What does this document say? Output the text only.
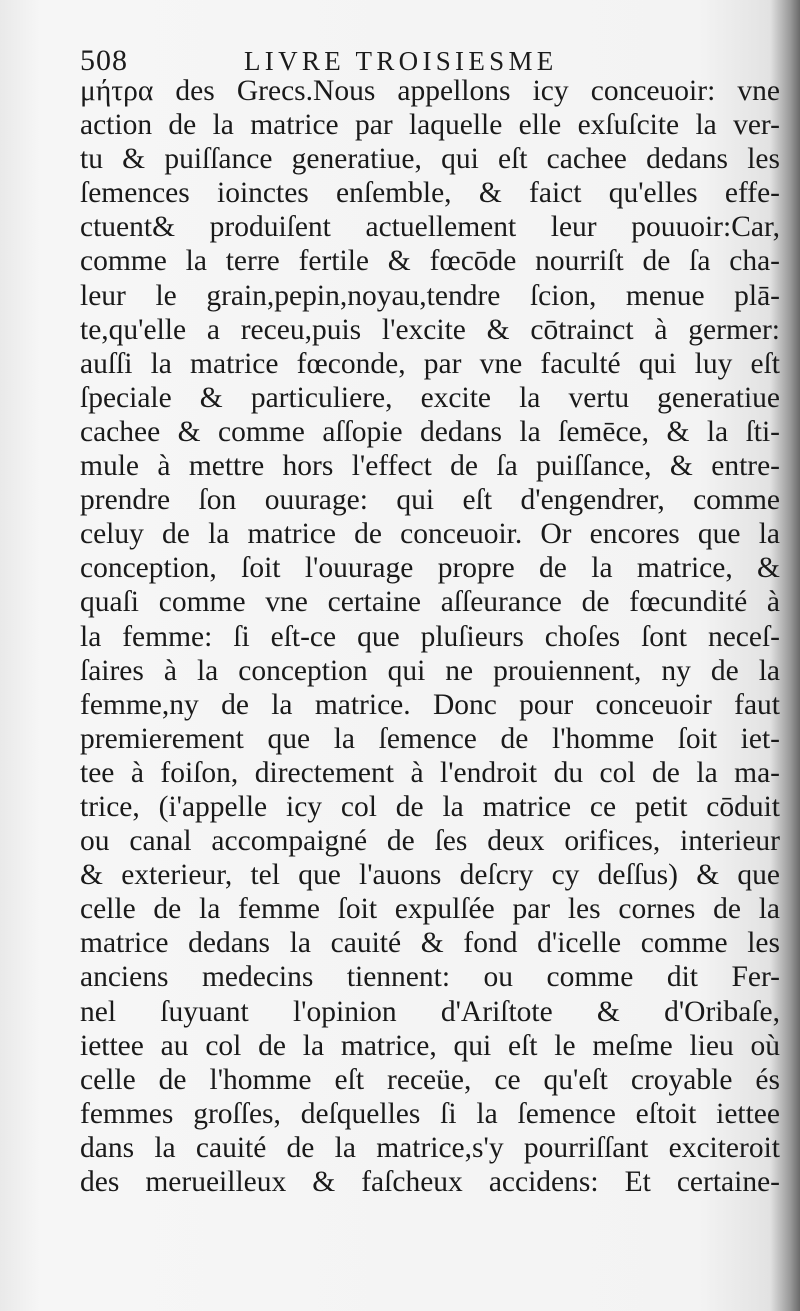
508	LIVRE TROISIESME
μήτρα des Grecs.Nous appellons icy conceuoir: vne
action de la matrice par laquelle elle exſuſcite la ver-
tu & puiſſance generatiue, qui eſt cachee dedans les
ſemences ioinctes enſemble, & faict qu'elles effe-
ctuent& produiſent actuellement leur pouuoir:Car,
comme la terre fertile & fœcōde nourriſt de ſa cha-
leur le grain,pepin,noyau,tendre ſcion, menue plā-
te,qu'elle a receu,puis l'excite & cōtrainct à germer:
auſſi la matrice fœconde, par vne faculté qui luy eſt
ſpeciale & particuliere, excite la vertu generatiue
cachee & comme aſſopie dedans la ſemēce, & la ſti-
mule à mettre hors l'effect de ſa puiſſance, & entre-
prendre ſon ouurage: qui eſt d'engendrer, comme
celuy de la matrice de conceuoir. Or encores que la
conception, ſoit l'ouurage propre de la matrice, &
quaſi comme vne certaine aſſeurance de fœcundité à
la femme: ſi eſt-ce que pluſieurs choſes ſont neceſ-
ſaires à la conception qui ne prouiennent, ny de la
femme,ny de la matrice. Donc pour conceuoir faut
premierement que la ſemence de l'homme ſoit iet-
tee à foiſon, directement à l'endroit du col de la ma-
trice, (i'appelle icy col de la matrice ce petit cōduit
ou canal accompaigné de ſes deux orifices, interieur
& exterieur, tel que l'auons deſcry cy deſſus) & que
celle de la femme ſoit expulſée par les cornes de la
matrice dedans la cauité & fond d'icelle comme les
anciens medecins tiennent: ou comme dit Fer-
nel ſuyuant l'opinion d'Ariſtote & d'Oribaſe,
iettee au col de la matrice, qui eſt le meſme lieu où
celle de l'homme eſt receüe, ce qu'eſt croyable és
femmes groſſes, deſquelles ſi la ſemence eſtoit iettee
dans la cauité de la matrice,s'y pourriſſant exciteroit
des merueilleux & faſcheux accidens: Et certaine-
